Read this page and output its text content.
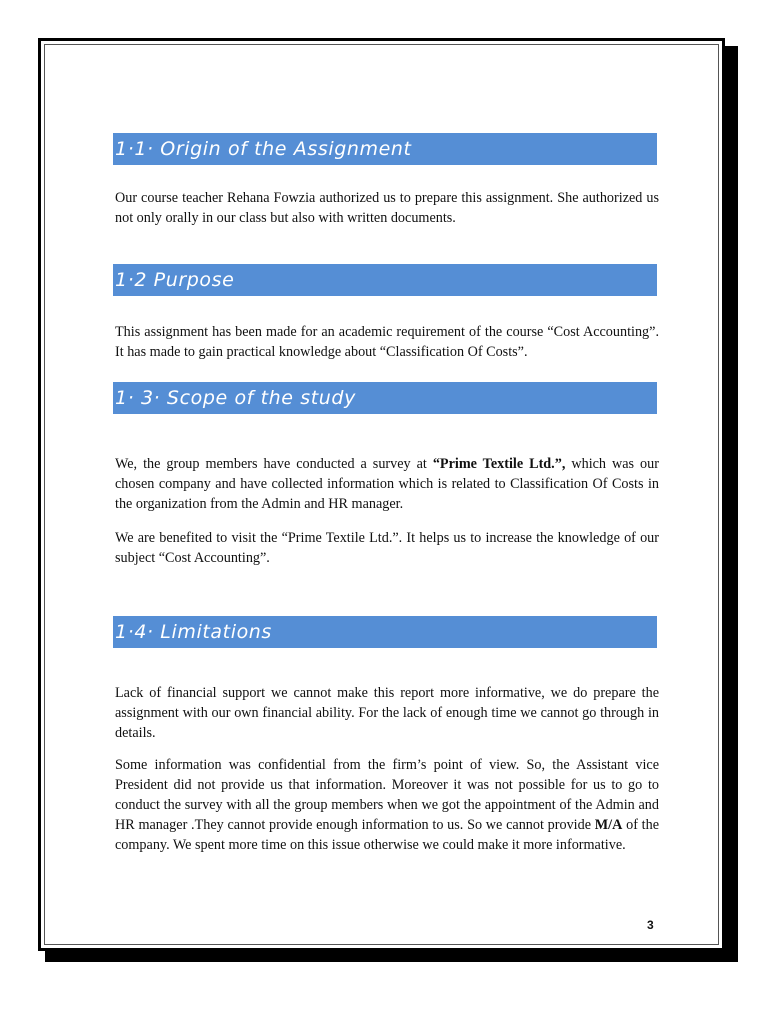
1·1· Origin of the Assignment

Our course teacher Rehana Fowzia authorized us to prepare this assignment. She authorized us not only orally in our class but also with written documents.

1·2 Purpose

This assignment has been made for an academic requirement of the course “Cost Accounting”. It has made to gain practical knowledge about “Classification Of Costs”.

1· 3· Scope of the study

We, the group members have conducted a survey at “Prime Textile Ltd.”, which was our chosen company and have collected information which is related to Classification Of Costs in the organization from the Admin and HR manager.

We are benefited to visit the “Prime Textile Ltd.”. It helps us to increase the knowledge of our subject “Cost Accounting”.

1·4· Limitations

Lack of financial support we cannot make this report more informative, we do prepare the assignment with our own financial ability. For the lack of enough time we cannot go through in details.

Some information was confidential from the firm’s point of view. So, the Assistant vice President did not provide us that information. Moreover it was not possible for us to go to conduct the survey with all the group members when we got the appointment of the Admin and HR manager .They cannot provide enough information to us. So we cannot provide M/A of the company. We spent more time on this issue otherwise we could make it more informative.

3
